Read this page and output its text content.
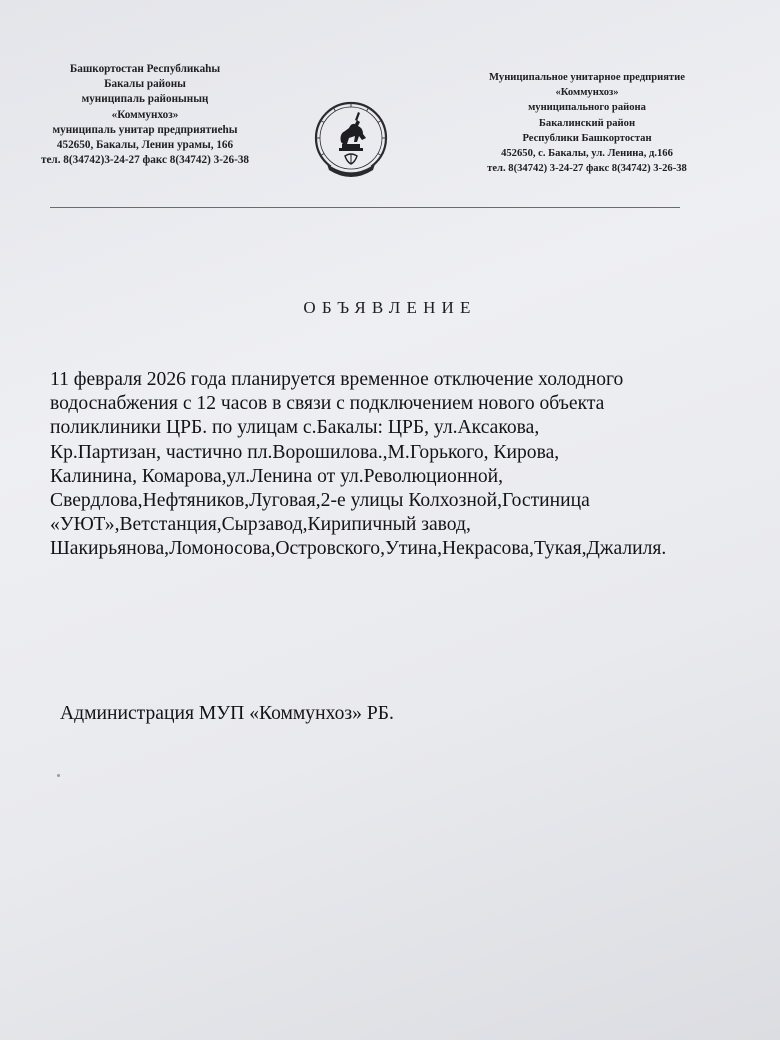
Башкортостан Республикаһы
Бакалы районы
муниципаль районының
«Коммунхоз»
муниципаль унитар предприятиеһы
452650, Бакалы, Ленин урамы, 166
тел. 8(34742)3-24-27 факс 8(34742) 3-26-38
Муниципальное унитарное предприятие
«Коммунхоз»
муниципального района
Бакалинский район
Республики Башкортостан
452650, с. Бакалы, ул. Ленина, д.166
тел. 8(34742) 3-24-27 факс 8(34742) 3-26-38
ОБЪЯВЛЕНИЕ
11 февраля 2026 года планируется временное отключение холодного
водоснабжения с 12 часов в связи с подключением нового объекта
поликлиники ЦРБ. по улицам с.Бакалы: ЦРБ, ул.Аксакова,
Кр.Партизан, частично пл.Ворошилова.,М.Горького, Кирова,
Калинина, Комарова,ул.Ленина от ул.Революционной,
Свердлова,Нефтяников,Луговая,2-е улицы Колхозной,Гостиница
«УЮТ»,Ветстанция,Сырзавод,Кирипичный завод,
Шакирьянова,Ломоносова,Островского,Утина,Некрасова,Тукая,Джалиля.
Администрация МУП «Коммунхоз» РБ.
